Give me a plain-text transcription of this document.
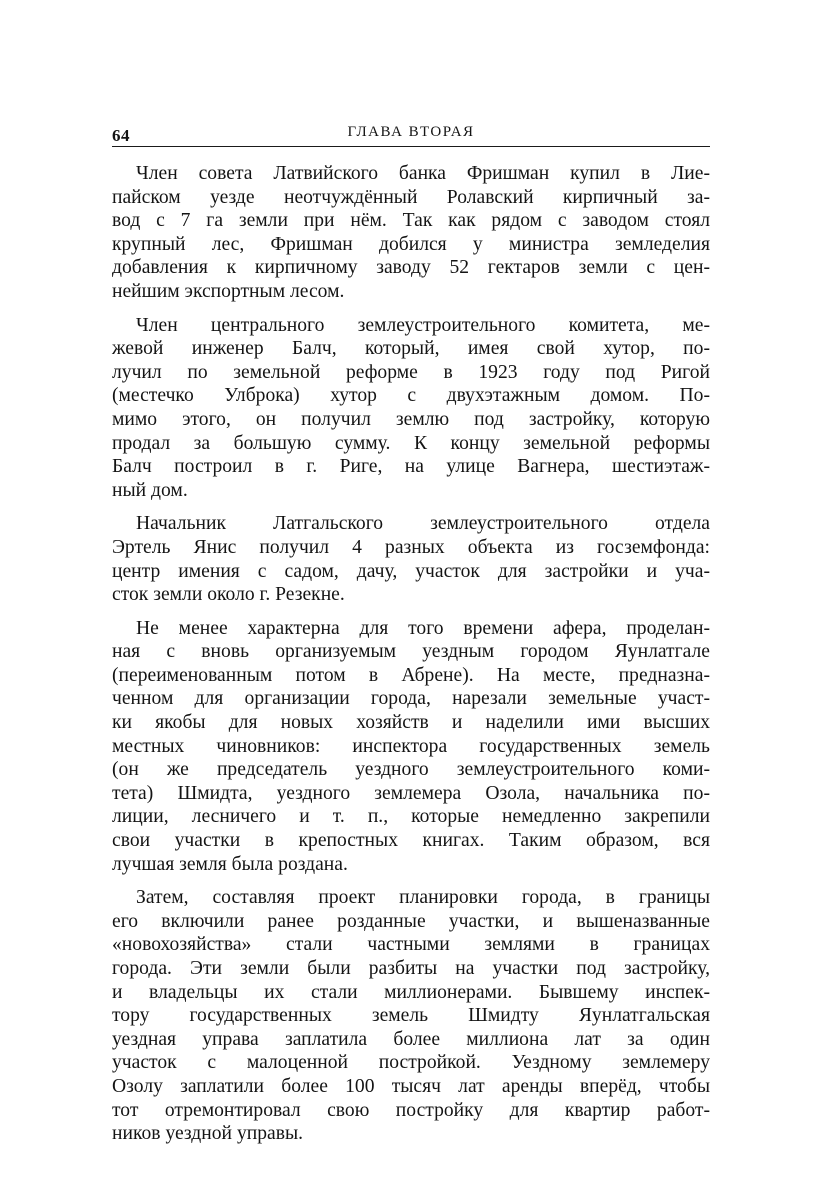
64	ГЛАВА ВТОРАЯ

Член совета Латвийского банка Фришман купил в Лие-
пайском уезде неотчуждённый Ролавский кирпичный за-
вод с 7 га земли при нём. Так как рядом с заводом стоял
крупный лес, Фришман добился у министра земледелия
добавления к кирпичному заводу 52 гектаров земли с цен-
нейшим экспортным лесом.

Член центрального землеустроительного комитета, ме-
жевой инженер Балч, который, имея свой хутор, по-
лучил по земельной реформе в 1923 году под Ригой
(местечко Улброка) хутор с двухэтажным домом. По-
мимо этого, он получил землю под застройку, которую
продал за большую сумму. К концу земельной реформы
Балч построил в г. Риге, на улице Вагнера, шестиэтаж-
ный дом.

Начальник Латгальского землеустроительного отдела
Эртель Янис получил 4 разных объекта из госземфонда:
центр имения с садом, дачу, участок для застройки и уча-
сток земли около г. Резекне.

Не менее характерна для того времени афера, проделан-
ная с вновь организуемым уездным городом Яунлатгале
(переименованным потом в Абрене). На месте, предназна-
ченном для организации города, нарезали земельные участ-
ки якобы для новых хозяйств и наделили ими высших
местных чиновников: инспектора государственных земель
(он же председатель уездного землеустроительного коми-
тета) Шмидта, уездного землемера Озола, начальника по-
лиции, лесничего и т. п., которые немедленно закрепили
свои участки в крепостных книгах. Таким образом, вся
лучшая земля была роздана.

Затем, составляя проект планировки города, в границы
его включили ранее розданные участки, и вышеназванные
«новохозяйства» стали частными землями в границах
города. Эти земли были разбиты на участки под застройку,
и владельцы их стали миллионерами. Бывшему инспек-
тору государственных земель Шмидту Яунлатгальская
уездная управа заплатила более миллиона лат за один
участок с малоценной постройкой. Уездному землемеру
Озолу заплатили более 100 тысяч лат аренды вперёд, чтобы
тот отремонтировал свою постройку для квартир работ-
ников уездной управы.
